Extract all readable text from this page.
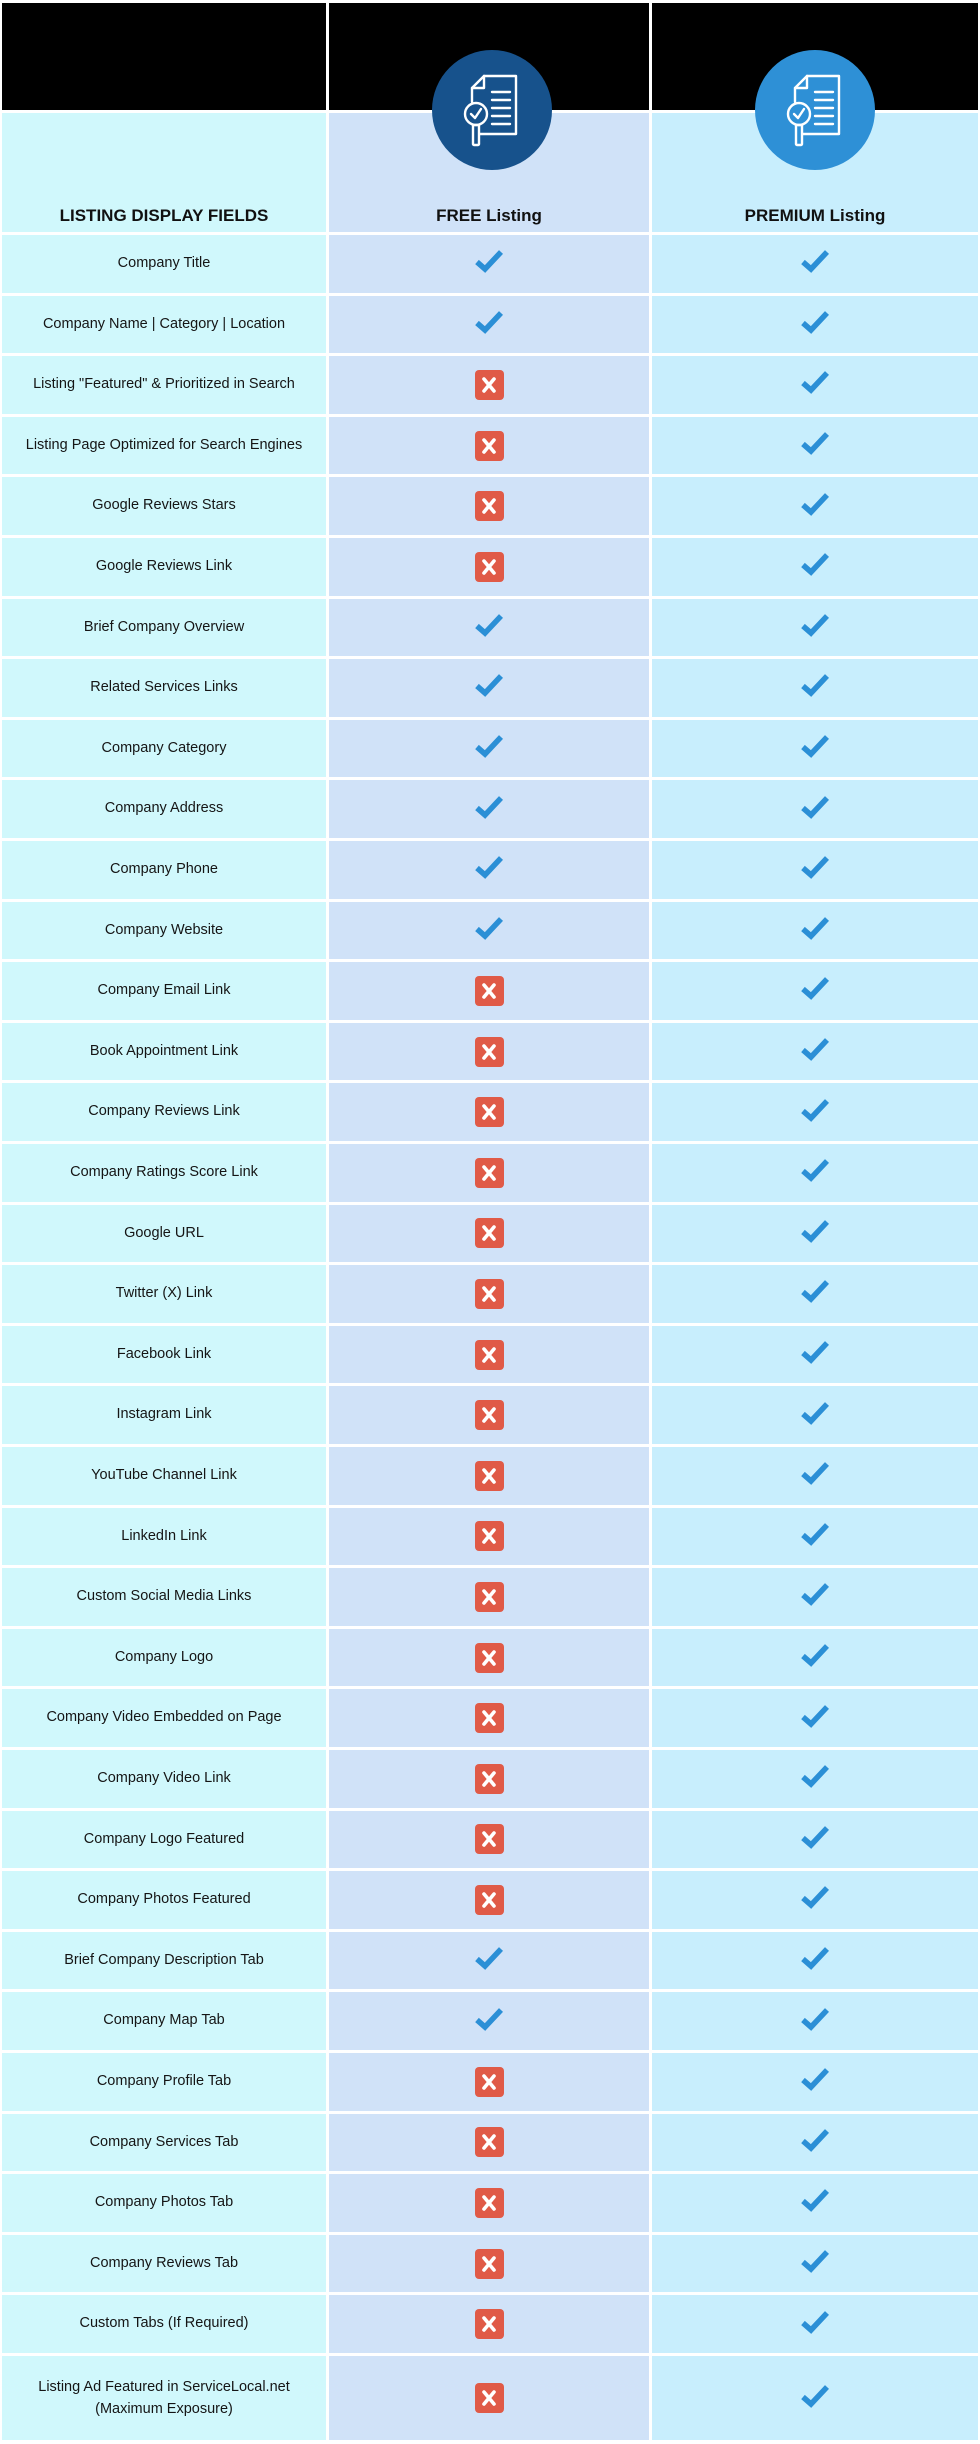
LISTING DISPLAY FIELDS	FREE Listing	PREMIUM Listing
Company Title
Company Name | Category | Location
Listing "Featured" & Prioritized in Search
Listing Page Optimized for Search Engines
Google Reviews Stars
Google Reviews Link
Brief Company Overview
Related Services Links
Company Category
Company Address
Company Phone
Company Website
Company Email Link
Book Appointment Link
Company Reviews Link
Company Ratings Score Link
Google URL
Twitter (X) Link
Facebook Link
Instagram Link
YouTube Channel Link
LinkedIn Link
Custom Social Media Links
Company Logo
Company Video Embedded on Page
Company Video Link
Company Logo Featured
Company Photos Featured
Brief Company Description Tab
Company Map Tab
Company Profile Tab
Company Services Tab
Company Photos Tab
Company Reviews Tab
Custom Tabs (If Required)
Listing Ad Featured in ServiceLocal.net (Maximum Exposure)
